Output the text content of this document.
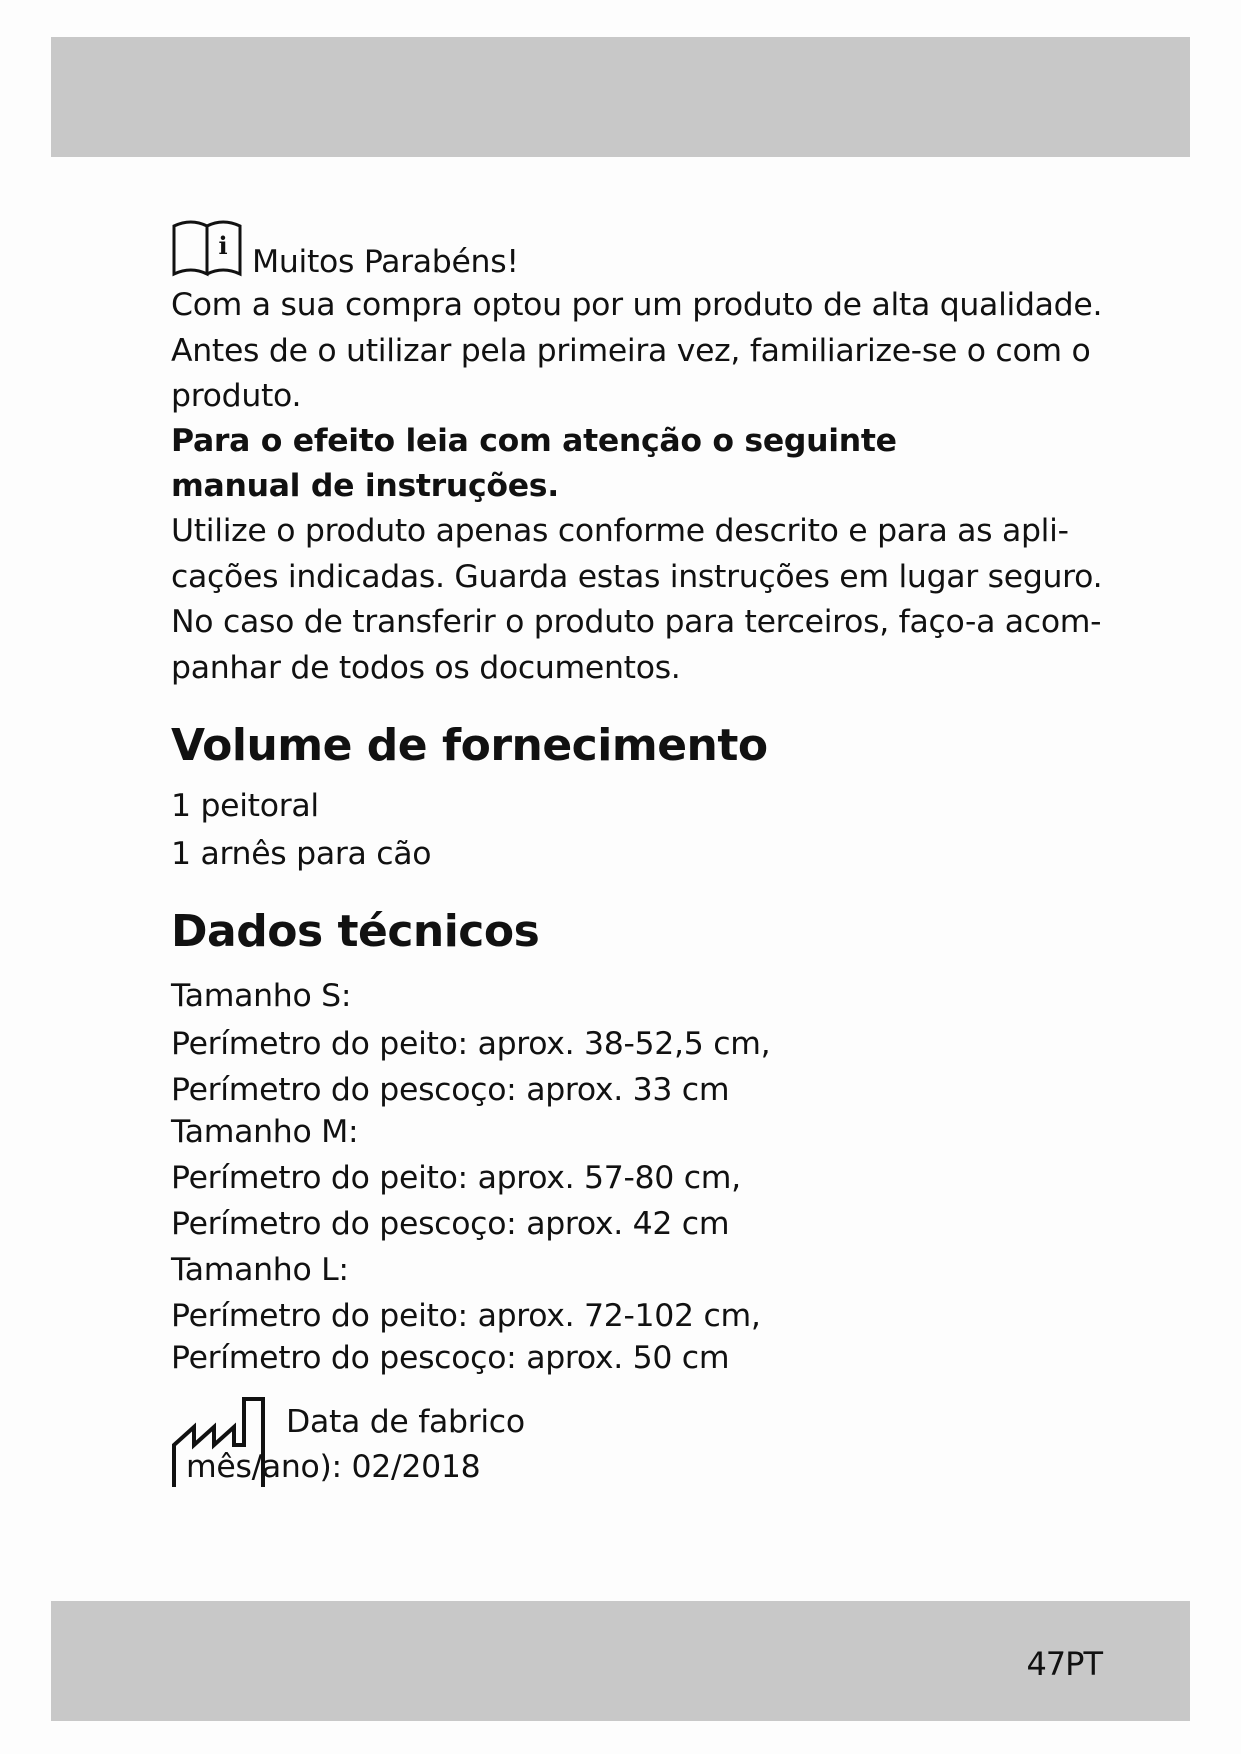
i Muitos Parabéns!
Com a sua compra optou por um produto de alta qualidade.
Antes de o utilizar pela primeira vez, familiarize-se o com o
produto.
Para o efeito leia com atenção o seguinte
manual de instruções.
Utilize o produto apenas conforme descrito e para as apli-
cações indicadas. Guarda estas instruções em lugar seguro.
No caso de transferir o produto para terceiros, faço-a acom-
panhar de todos os documentos.
Volume de fornecimento
1 peitoral
1 arnês para cão
Dados técnicos
Tamanho S:
Perímetro do peito: aprox. 38-52,5 cm,
Perímetro do pescoço: aprox. 33 cm
Tamanho M:
Perímetro do peito: aprox. 57-80 cm,
Perímetro do pescoço: aprox. 42 cm
Tamanho L:
Perímetro do peito: aprox. 72-102 cm,
Perímetro do pescoço: aprox. 50 cm
Data de fabrico
mês/ano): 02/2018
47PT
